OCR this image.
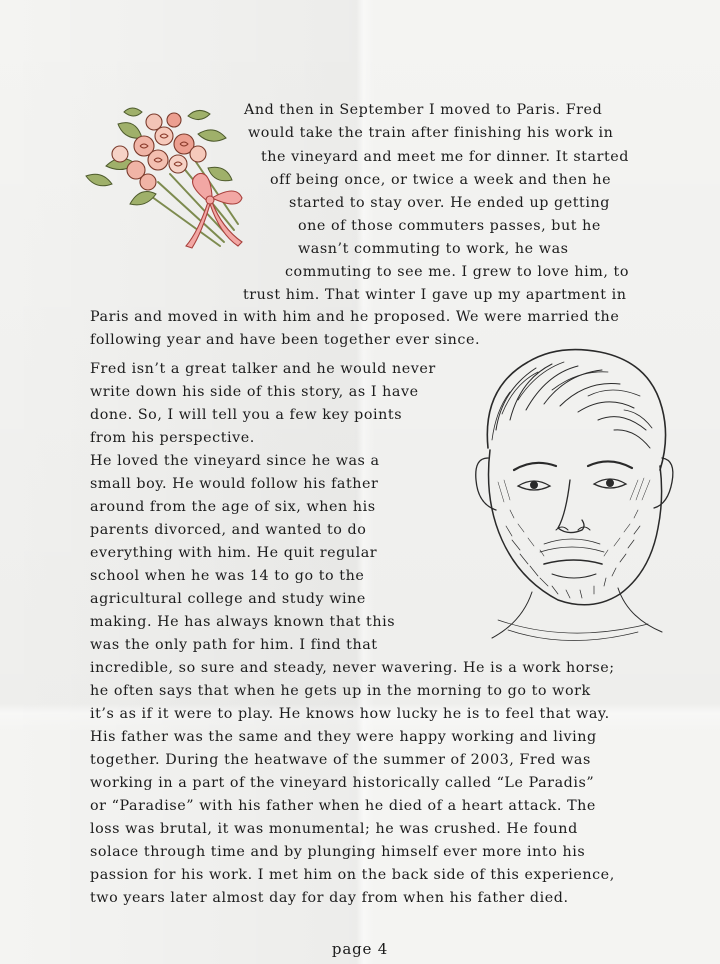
And then in September I moved to Paris. Fred
would take the train after finishing his work in
the vineyard and meet me for dinner. It started
off being once, or twice a week and then he
started to stay over. He ended up getting
one of those commuters passes, but he
wasn’t commuting to work, he was
commuting to see me. I grew to love him, to
trust him. That winter I gave up my apartment in
Paris and moved in with him and he proposed. We were married the
following year and have been together ever since.
Fred isn’t a great talker and he would never
write down his side of this story, as I have
done. So, I will tell you a few key points
from his perspective.
He loved the vineyard since he was a
small boy. He would follow his father
around from the age of six, when his
parents divorced, and wanted to do
everything with him. He quit regular
school when he was 14 to go to the
agricultural college and study wine
making. He has always known that this
was the only path for him. I find that
incredible, so sure and steady, never wavering. He is a work horse;
he often says that when he gets up in the morning to go to work
it’s as if it were to play. He knows how lucky he is to feel that way.
His father was the same and they were happy working and living
together. During the heatwave of the summer of 2003, Fred was
working in a part of the vineyard historically called “Le Paradis”
or “Paradise” with his father when he died of a heart attack. The
loss was brutal, it was monumental; he was crushed. He found
solace through time and by plunging himself ever more into his
passion for his work. I met him on the back side of this experience,
two years later almost day for day from when his father died.
page 4
